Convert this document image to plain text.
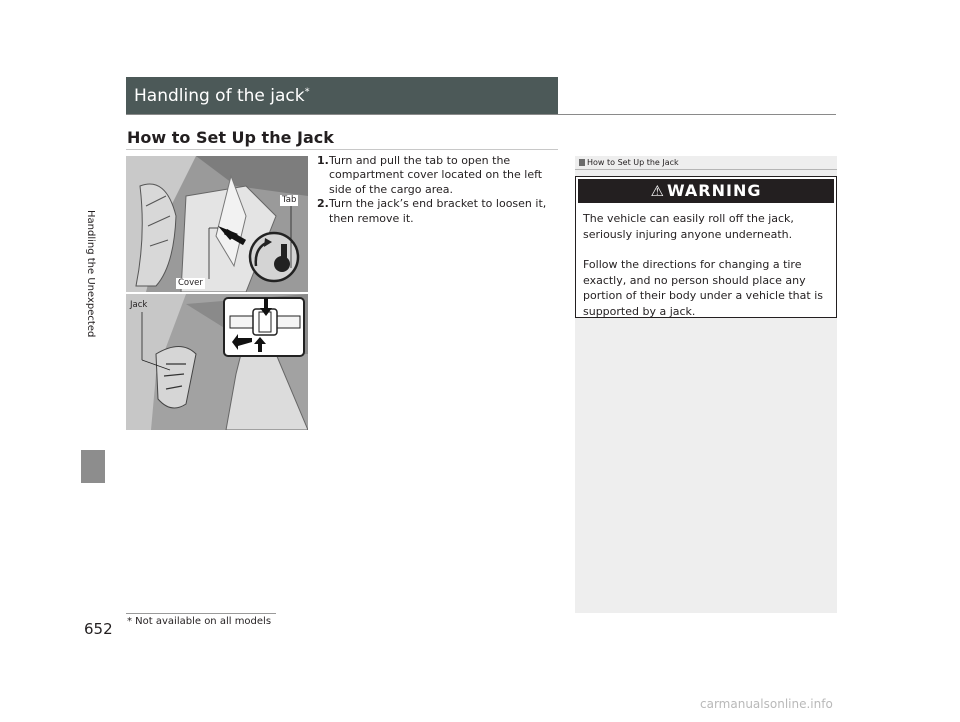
Handling the Unexpected
Handling of the jack*
How to Set Up the Jack
Tab
Cover
Jack
1. Turn and pull the tab to open the compartment cover located on the left side of the cargo area.
2. Turn the jack’s end bracket to loosen it, then remove it.
How to Set Up the Jack
⚠ WARNING
The vehicle can easily roll off the jack, seriously injuring anyone underneath.
Follow the directions for changing a tire exactly, and no person should place any portion of their body under a vehicle that is supported by a jack.
652 * Not available on all models
carmanualsonline.info
